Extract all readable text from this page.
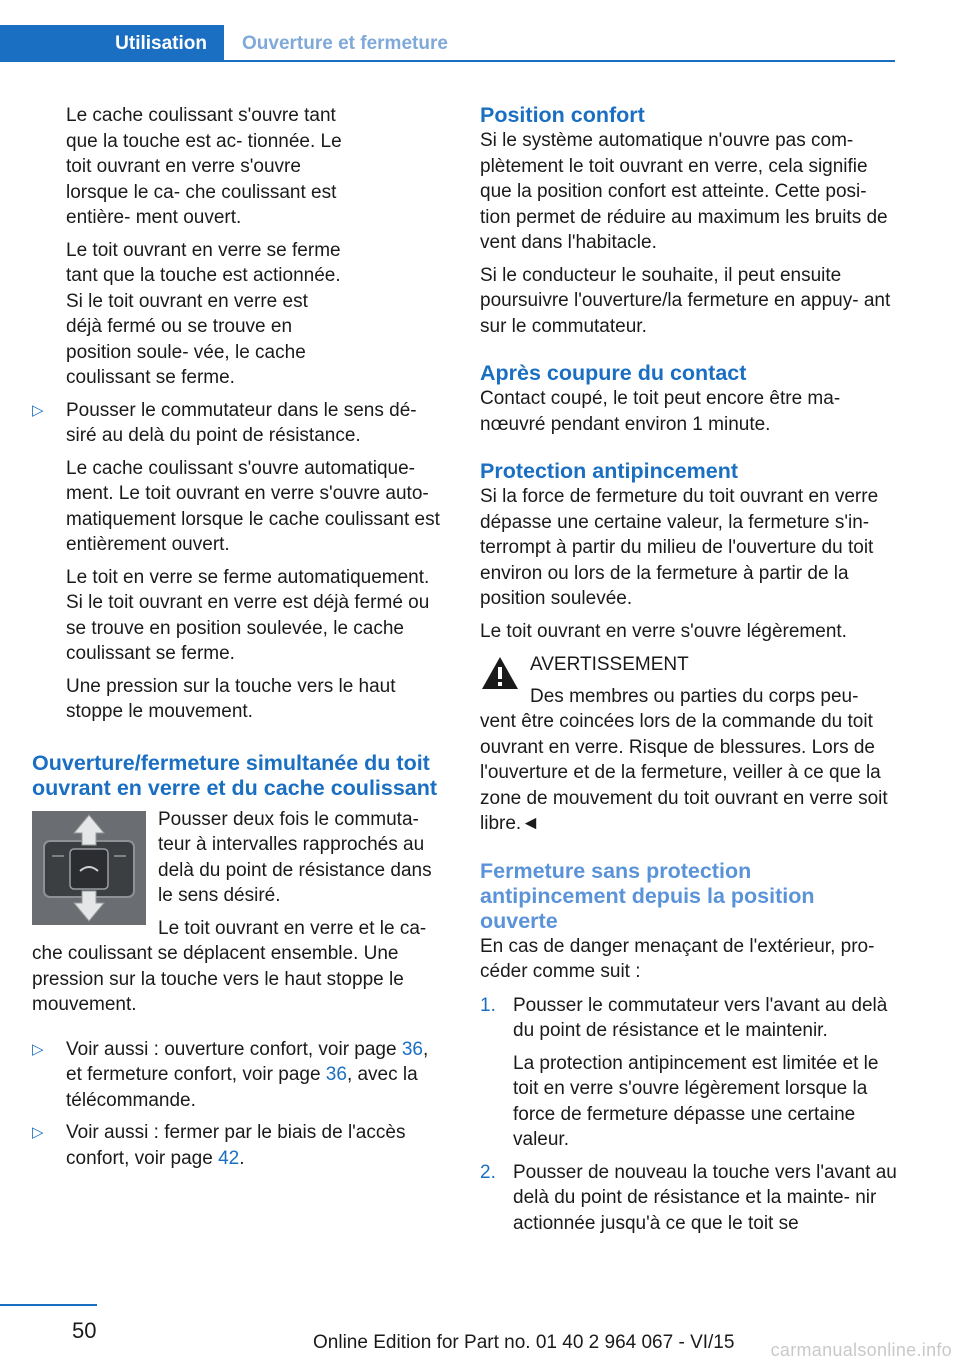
Utilisation	Ouverture et fermeture

Le cache coulissant s'ouvre tant que la touche est ac- tionnée. Le toit ouvrant en verre s'ouvre lorsque le ca- che coulissant est entière- ment ouvert.

Le toit ouvrant en verre se ferme tant que la touche est actionnée. Si le toit ouvrant en verre est déjà fermé ou se trouve en position soule- vée, le cache coulissant se ferme.

▷ Pousser le commutateur dans le sens dé- siré au delà du point de résistance.

Le cache coulissant s'ouvre automatique- ment. Le toit ouvrant en verre s'ouvre auto- matiquement lorsque le cache coulissant est entièrement ouvert.

Le toit en verre se ferme automatiquement. Si le toit ouvrant en verre est déjà fermé ou se trouve en position soulevée, le cache coulissant se ferme.

Une pression sur la touche vers le haut stoppe le mouvement.

Ouverture/fermeture simultanée du toit ouvrant en verre et du cache coulissant

Pousser deux fois le commuta- teur à intervalles rapprochés au delà du point de résistance dans le sens désiré.

Le toit ouvrant en verre et le ca- che coulissant se déplacent ensemble. Une pression sur la touche vers le haut stoppe le mouvement.

▷ Voir aussi : ouverture confort, voir page 36, et fermeture confort, voir page 36, avec la télécommande.

▷ Voir aussi : fermer par le biais de l'accès confort, voir page 42.

Position confort

Si le système automatique n'ouvre pas com- plètement le toit ouvrant en verre, cela signifie que la position confort est atteinte. Cette posi- tion permet de réduire au maximum les bruits de vent dans l'habitacle.

Si le conducteur le souhaite, il peut ensuite poursuivre l'ouverture/la fermeture en appuy- ant sur le commutateur.

Après coupure du contact

Contact coupé, le toit peut encore être ma- nœuvré pendant environ 1 minute.

Protection antipincement

Si la force de fermeture du toit ouvrant en verre dépasse une certaine valeur, la fermeture s'in- terrompt à partir du milieu de l'ouverture du toit environ ou lors de la fermeture à partir de la position soulevée.

Le toit ouvrant en verre s'ouvre légèrement.

AVERTISSEMENT

Des membres ou parties du corps peu- vent être coincées lors de la commande du toit ouvrant en verre. Risque de blessures. Lors de l'ouverture et de la fermeture, veiller à ce que la zone de mouvement du toit ouvrant en verre soit libre.◄

Fermeture sans protection antipincement depuis la position ouverte

En cas de danger menaçant de l'extérieur, pro- céder comme suit :

1. Pousser le commutateur vers l'avant au delà du point de résistance et le maintenir.

La protection antipincement est limitée et le toit en verre s'ouvre légèrement lorsque la force de fermeture dépasse une certaine valeur.

2. Pousser de nouveau la touche vers l'avant au delà du point de résistance et la mainte- nir actionnée jusqu'à ce que le toit se

50	Online Edition for Part no. 01 40 2 964 067 - VI/15 carmanualsonline.info
